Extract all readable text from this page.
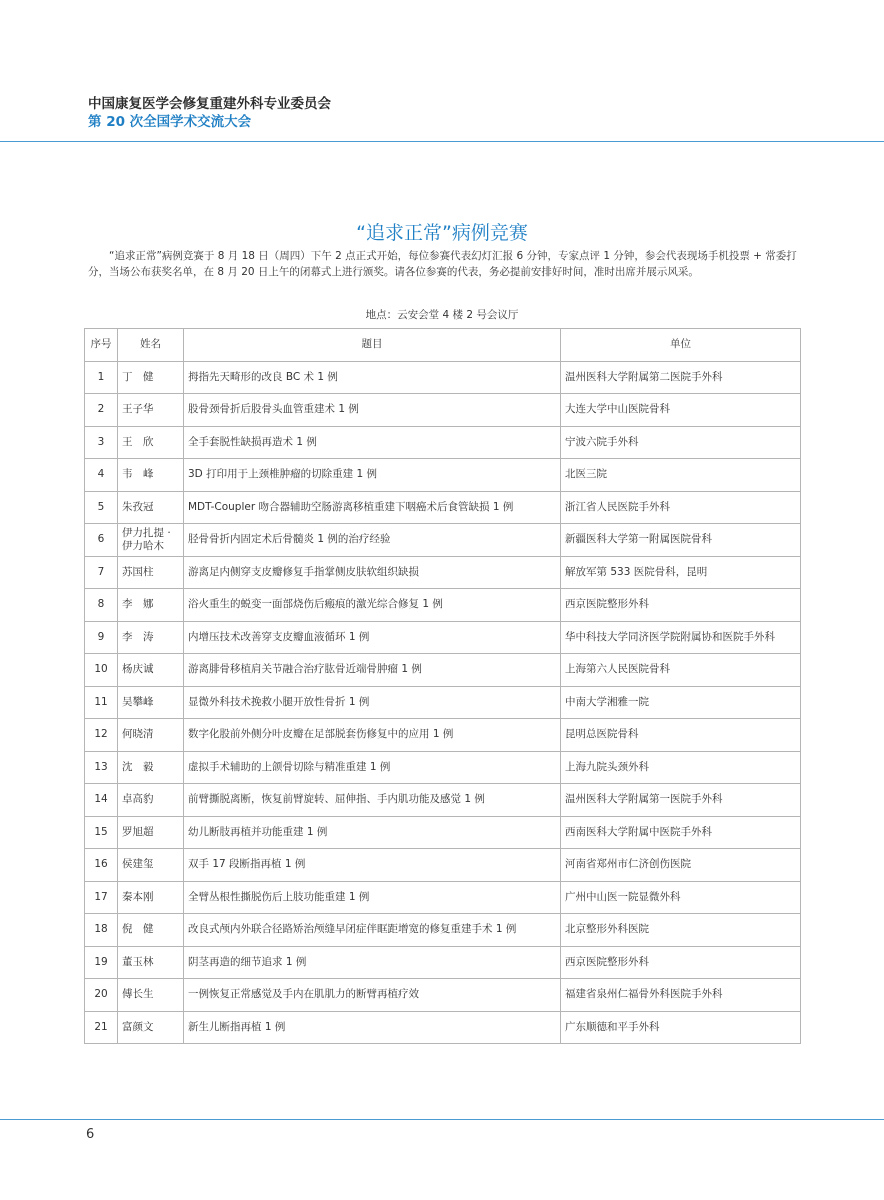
中国康复医学会修复重建外科专业委员会
第 20 次全国学术交流大会
“追求正常”病例竞赛
“追求正常”病例竞赛于 8 月 18 日（周四）下午 2 点正式开始，每位参赛代表幻灯汇报 6 分钟，专家点评 1 分钟，参会代表现场手机投票 + 常委打分，当场公布获奖名单，在 8 月 20 日上午的闭幕式上进行颁奖。请各位参赛的代表，务必提前安排好时间，准时出席并展示风采。
地点：云安会堂 4 楼 2 号会议厅
序号	姓名	题目	单位
1	丁　健	拇指先天畸形的改良 BC 术 1 例	温州医科大学附属第二医院手外科
2	王子华	股骨颈骨折后股骨头血管重建术 1 例	大连大学中山医院骨科
3	王　欣	全手套脱性缺损再造术 1 例	宁波六院手外科
4	韦　峰	3D 打印用于上颈椎肿瘤的切除重建 1 例	北医三院
5	朱孜冠	MDT-Coupler 吻合器辅助空肠游离移植重建下咽癌术后食管缺损 1 例	浙江省人民医院手外科
6	伊力扎提 · 伊力哈木	胫骨骨折内固定术后骨髓炎 1 例的治疗经验	新疆医科大学第一附属医院骨科
7	苏国柱	游离足内侧穿支皮瓣修复手指掌侧皮肤软组织缺损	解放军第 533 医院骨科，昆明
8	李　娜	浴火重生的蜕变一面部烧伤后瘢痕的激光综合修复 1 例	西京医院整形外科
9	李　涛	内增压技术改善穿支皮瓣血液循环 1 例	华中科技大学同济医学院附属协和医院手外科
10	杨庆诚	游离腓骨移植肩关节融合治疗肱骨近端骨肿瘤 1 例	上海第六人民医院骨科
11	吴攀峰	显微外科技术挽救小腿开放性骨折 1 例	中南大学湘雅一院
12	何晓清	数字化股前外侧分叶皮瓣在足部脱套伤修复中的应用 1 例	昆明总医院骨科
13	沈　毅	虚拟手术辅助的上颌骨切除与精准重建 1 例	上海九院头颈外科
14	卓高豹	前臂撕脱离断，恢复前臂旋转、屈伸指、手内肌功能及感觉 1 例	温州医科大学附属第一医院手外科
15	罗旭超	幼儿断肢再植并功能重建 1 例	西南医科大学附属中医院手外科
16	侯建玺	双手 17 段断指再植 1 例	河南省郑州市仁济创伤医院
17	秦本刚	全臂丛根性撕脱伤后上肢功能重建 1 例	广州中山医一院显微外科
18	倪　健	改良式颅内外联合径路矫治颅缝早闭症伴眶距增宽的修复重建手术 1 例	北京整形外科医院
19	董玉林	阴茎再造的细节追求 1 例	西京医院整形外科
20	傅长生	一例恢复正常感觉及手内在肌肌力的断臂再植疗效	福建省泉州仁福骨外科医院手外科
21	富颜文	新生儿断指再植 1 例	广东顺德和平手外科
6
